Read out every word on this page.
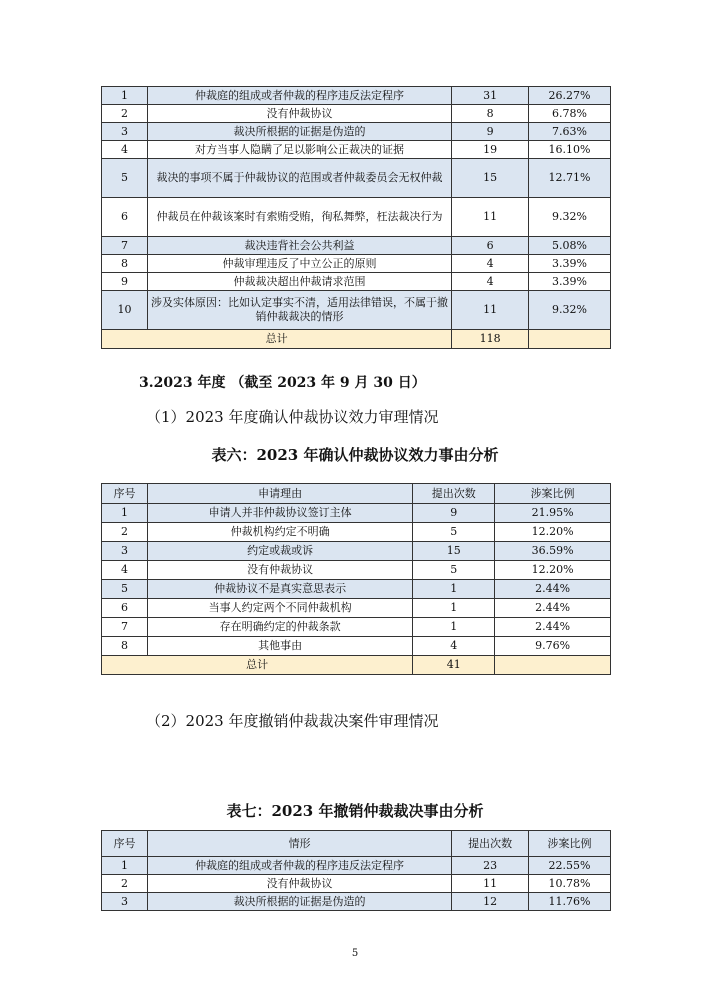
1	仲裁庭的组成或者仲裁的程序违反法定程序	31	26.27%
2	没有仲裁协议	8	6.78%
3	裁决所根据的证据是伪造的	9	7.63%
4	对方当事人隐瞒了足以影响公正裁决的证据	19	16.10%
5	裁决的事项不属于仲裁协议的范围或者仲裁委员会无权仲裁	15	12.71%
6	仲裁员在仲裁该案时有索贿受贿，徇私舞弊，枉法裁决行为	11	9.32%
7	裁决违背社会公共利益	6	5.08%
8	仲裁审理违反了中立公正的原则	4	3.39%
9	仲裁裁决超出仲裁请求范围	4	3.39%
10	涉及实体原因：比如认定事实不清，适用法律错误，不属于撤销仲裁裁决的情形	11	9.32%
总计		118	

3.2023 年度 （截至 2023 年 9 月 30 日）

（1）2023 年度确认仲裁协议效力审理情况

表六：2023 年确认仲裁协议效力事由分析

序号	申请理由	提出次数	涉案比例
1	申请人并非仲裁协议签订主体	9	21.95%
2	仲裁机构约定不明确	5	12.20%
3	约定或裁或诉	15	36.59%
4	没有仲裁协议	5	12.20%
5	仲裁协议不是真实意思表示	1	2.44%
6	当事人约定两个不同仲裁机构	1	2.44%
7	存在明确约定的仲裁条款	1	2.44%
8	其他事由	4	9.76%
总计		41	

（2）2023 年度撤销仲裁裁决案件审理情况

表七：2023 年撤销仲裁裁决事由分析

序号	情形	提出次数	涉案比例
1	仲裁庭的组成或者仲裁的程序违反法定程序	23	22.55%
2	没有仲裁协议	11	10.78%
3	裁决所根据的证据是伪造的	12	11.76%

5
